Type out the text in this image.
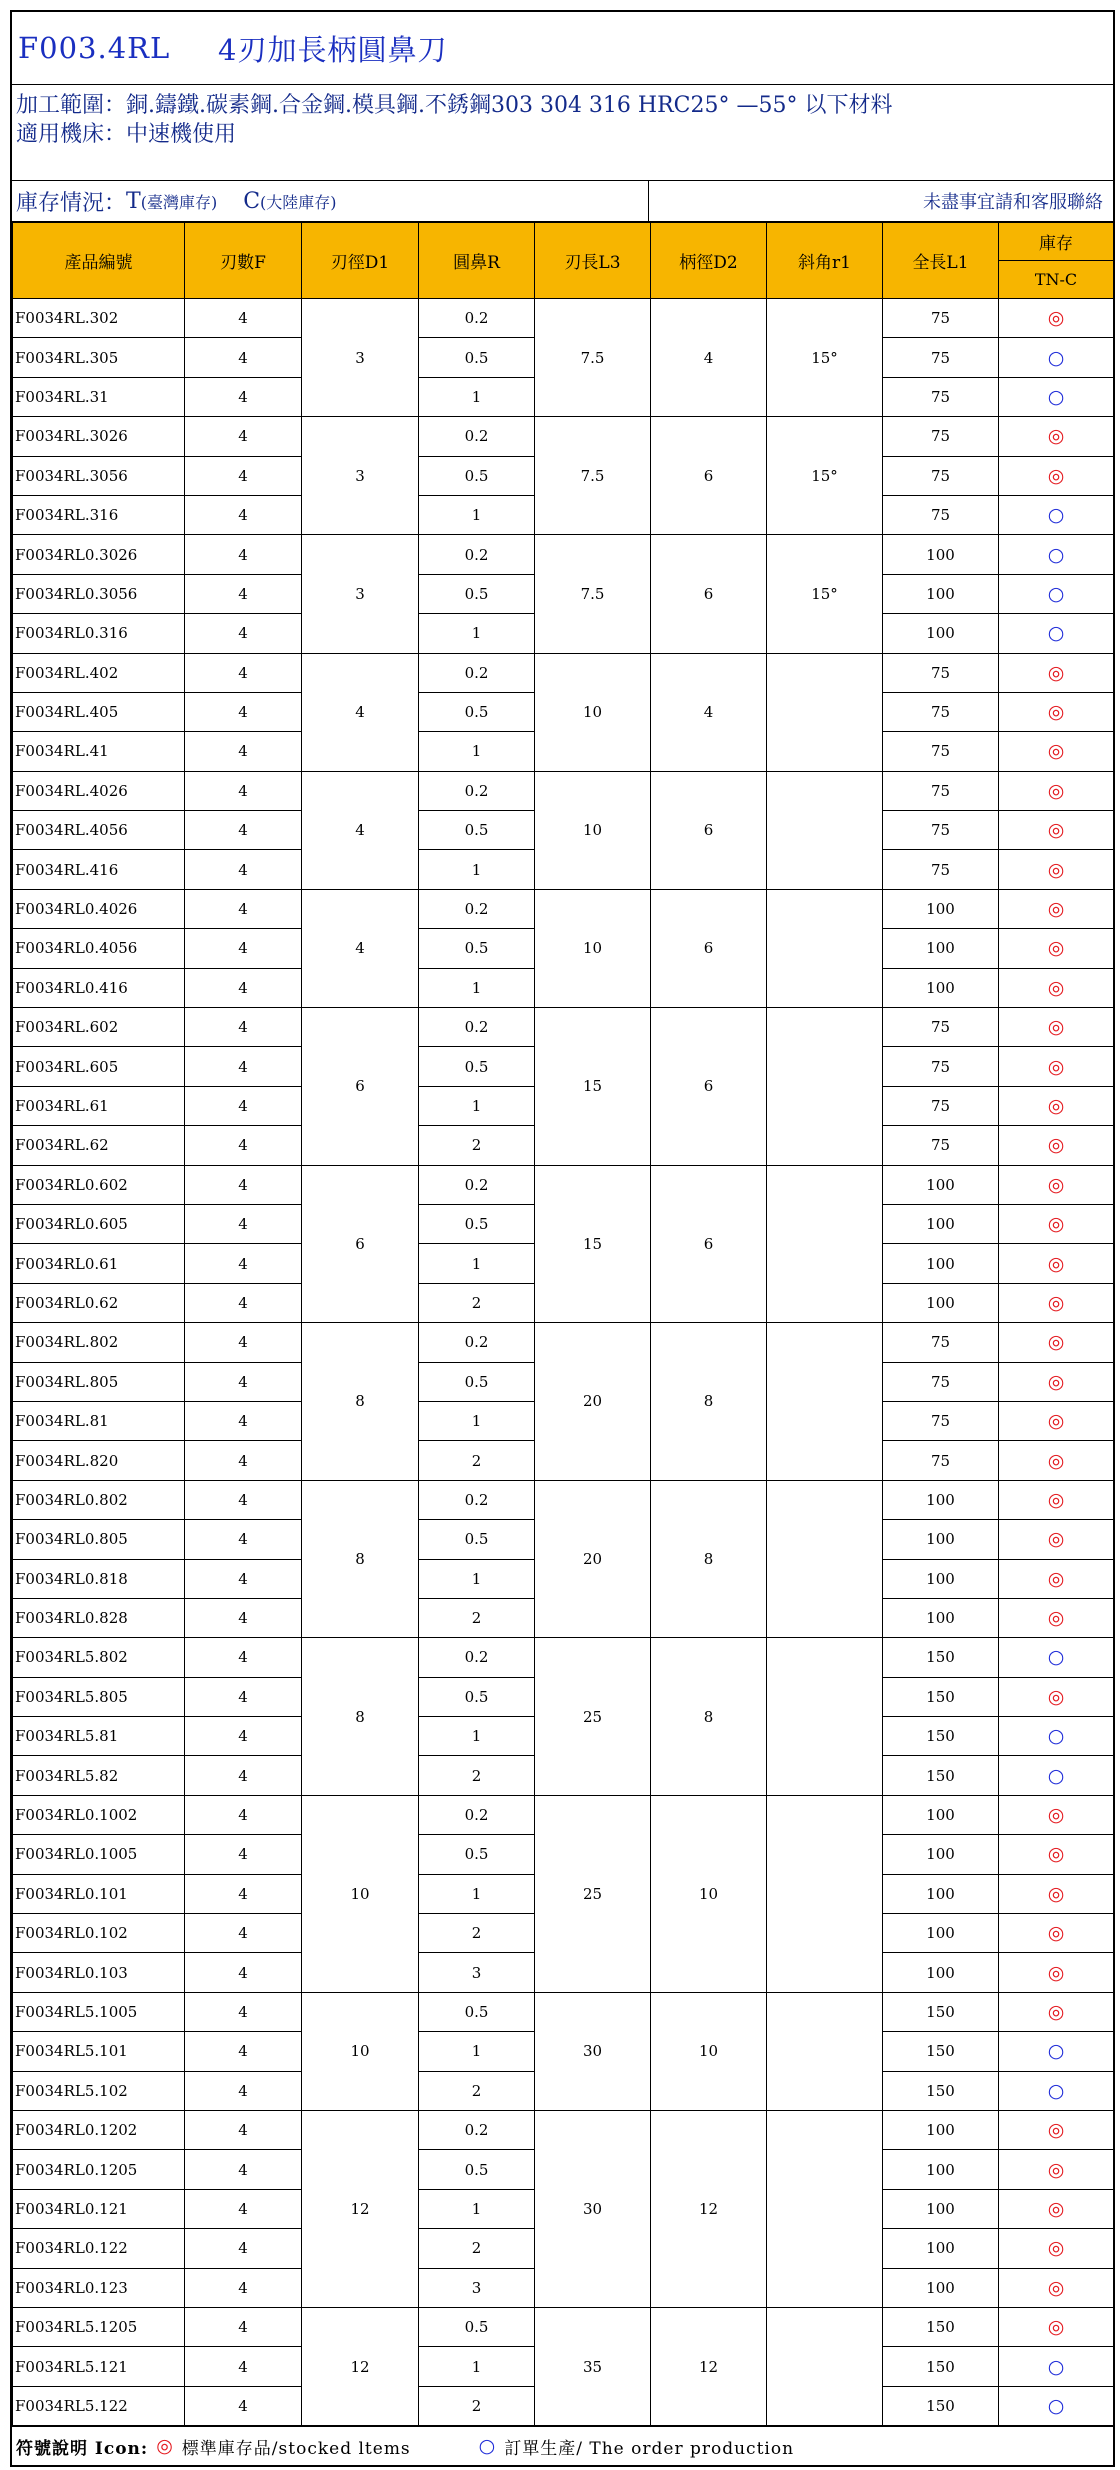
F003.4RL	4刃加長柄圓鼻刀
加工範圍：銅.鑄鐵.碳素鋼.合金鋼.模具鋼.不銹鋼303 304 316 HRC25° —55° 以下材料
適用機床：中速機使用
庫存情況： T (臺灣庫存) C (大陸庫存)	未盡事宜請和客服聯絡
產品編號	刃數F	刃徑D1	圓鼻R	刃長L3	柄徑D2	斜角r1	全長L1	庫存
								TN-C
F0034RL.302	4	3	0.2	7.5	4	15°	75	◎
F0034RL.305	4		0.5				75	○
F0034RL.31	4		1				75	○
F0034RL.3026	4	3	0.2	7.5	6	15°	75	◎
F0034RL.3056	4		0.5				75	◎
F0034RL.316	4		1				75	○
F0034RL0.3026	4	3	0.2	7.5	6	15°	100	○
F0034RL0.3056	4		0.5				100	○
F0034RL0.316	4		1				100	○
F0034RL.402	4	4	0.2	10	4		75	◎
F0034RL.405	4		0.5				75	◎
F0034RL.41	4		1				75	◎
F0034RL.4026	4	4	0.2	10	6		75	◎
F0034RL.4056	4		0.5				75	◎
F0034RL.416	4		1				75	◎
F0034RL0.4026	4	4	0.2	10	6		100	◎
F0034RL0.4056	4		0.5				100	◎
F0034RL0.416	4		1				100	◎
F0034RL.602	4	6	0.2	15	6		75	◎
F0034RL.605	4		0.5				75	◎
F0034RL.61	4		1				75	◎
F0034RL.62	4		2				75	◎
F0034RL0.602	4	6	0.2	15	6		100	◎
F0034RL0.605	4		0.5				100	◎
F0034RL0.61	4		1				100	◎
F0034RL0.62	4		2				100	◎
F0034RL.802	4	8	0.2	20	8		75	◎
F0034RL.805	4		0.5				75	◎
F0034RL.81	4		1				75	◎
F0034RL.820	4		2				75	◎
F0034RL0.802	4	8	0.2	20	8		100	◎
F0034RL0.805	4		0.5				100	◎
F0034RL0.818	4		1				100	◎
F0034RL0.828	4		2				100	◎
F0034RL5.802	4	8	0.2	25	8		150	○
F0034RL5.805	4		0.5				150	◎
F0034RL5.81	4		1				150	○
F0034RL5.82	4		2				150	○
F0034RL0.1002	4	10	0.2	25	10		100	◎
F0034RL0.1005	4		0.5				100	◎
F0034RL0.101	4		1				100	◎
F0034RL0.102	4		2				100	◎
F0034RL0.103	4		3				100	◎
F0034RL5.1005	4	10	0.5	30	10		150	◎
F0034RL5.101	4		1				150	○
F0034RL5.102	4		2				150	○
F0034RL0.1202	4	12	0.2	30	12		100	◎
F0034RL0.1205	4		0.5				100	◎
F0034RL0.121	4		1				100	◎
F0034RL0.122	4		2				100	◎
F0034RL0.123	4		3				100	◎
F0034RL5.1205	4	12	0.5	35	12		150	◎
F0034RL5.121	4		1				150	○
F0034RL5.122	4		2				150	○
符號說明 Icon: ◎ 標準庫存品/stocked ltems	○ 訂單生產/ The order production
